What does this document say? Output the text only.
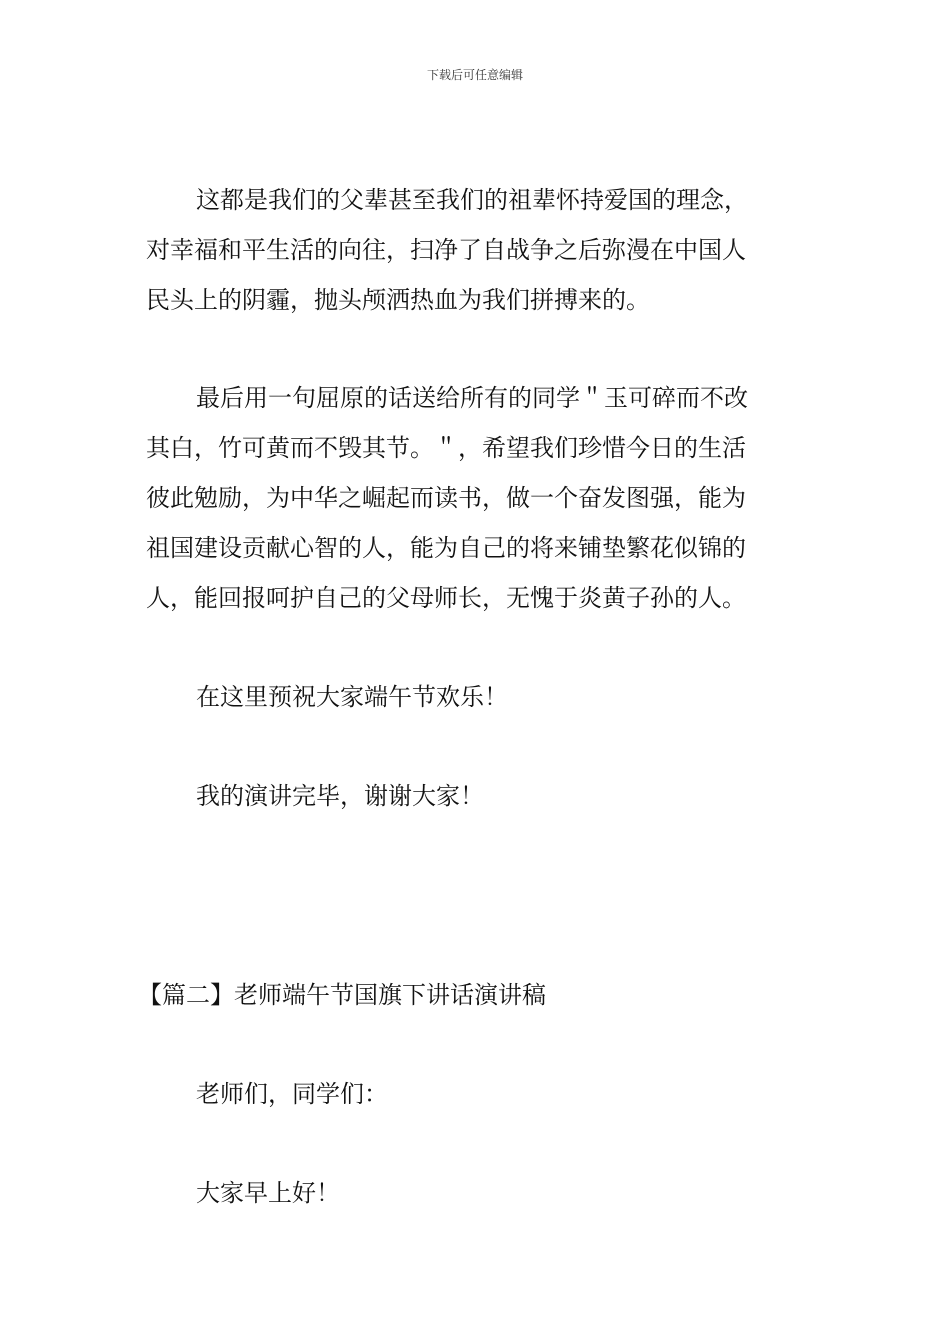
下载后可任意编辑
这都是我们的父辈甚至我们的祖辈怀持爱国的理念，
对幸福和平生活的向往，扫净了自战争之后弥漫在中国人
民头上的阴霾，抛头颅洒热血为我们拼搏来的。
最后用一句屈原的话送给所有的同学＂玉可碎而不改
其白，竹可黄而不毁其节。＂，希望我们珍惜今日的生活
彼此勉励，为中华之崛起而读书，做一个奋发图强，能为
祖国建设贡献心智的人，能为自己的将来铺垫繁花似锦的
人，能回报呵护自己的父母师长，无愧于炎黄子孙的人。
在这里预祝大家端午节欢乐！
我的演讲完毕，谢谢大家！
【篇二】老师端午节国旗下讲话演讲稿
老师们，同学们：
大家早上好！
